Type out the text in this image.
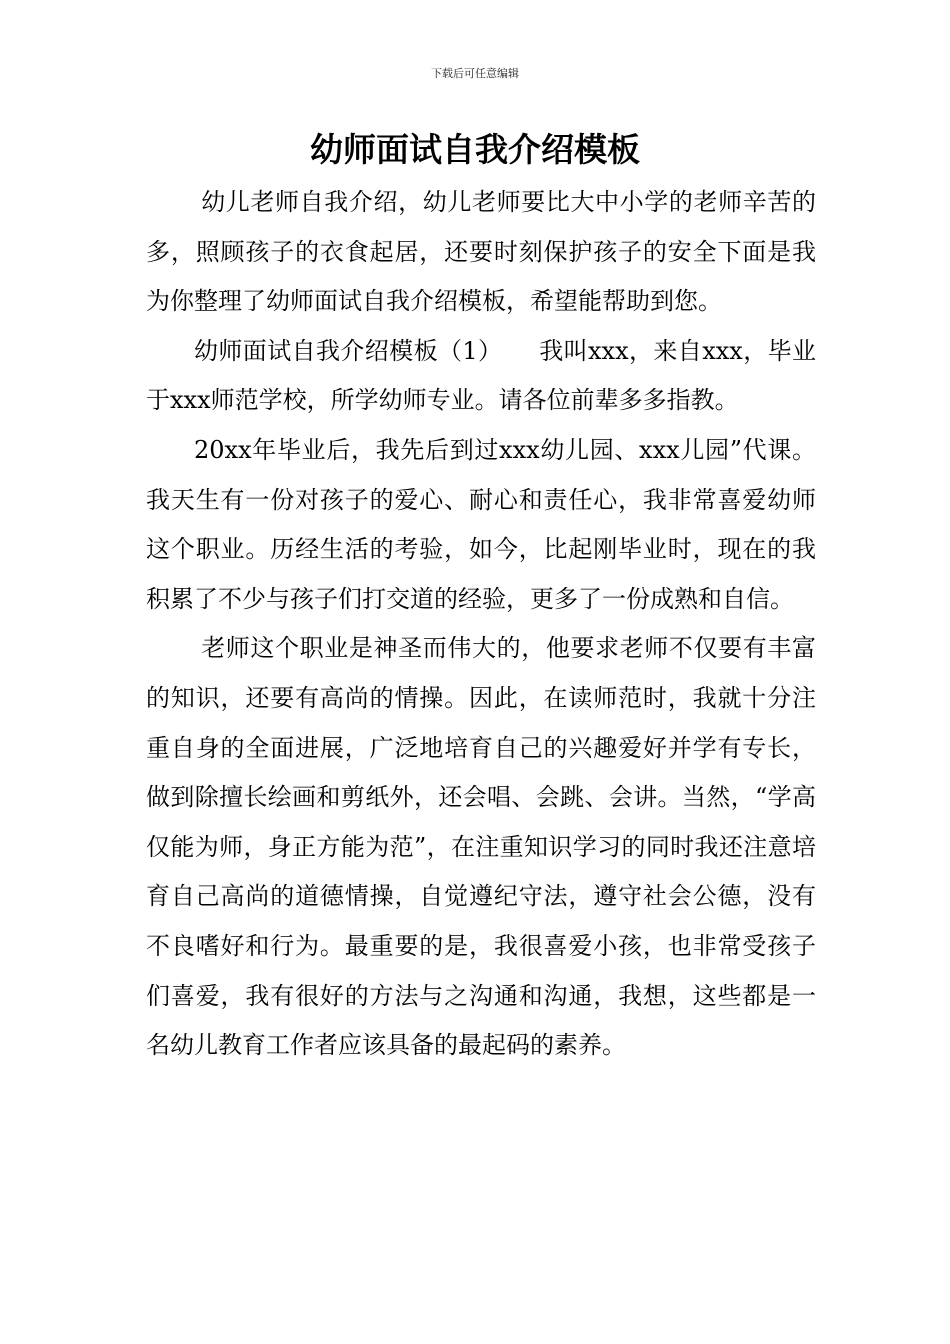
下载后可任意编辑
幼师面试自我介绍模板

幼儿老师自我介绍，幼儿老师要比大中小学的老师辛苦的多，照顾孩子的衣食起居，还要时刻保护孩子的安全下面是我为你整理了幼师面试自我介绍模板，希望能帮助到您。

幼师面试自我介绍模板（1）　　我叫xxx，来自xxx，毕业于xxx师范学校，所学幼师专业。请各位前辈多多指教。

20xx年毕业后，我先后到过xxx幼儿园、xxx儿园”代课。我天生有一份对孩子的爱心、耐心和责任心，我非常喜爱幼师这个职业。历经生活的考验，如今，比起刚毕业时，现在的我积累了不少与孩子们打交道的经验，更多了一份成熟和自信。

老师这个职业是神圣而伟大的，他要求老师不仅要有丰富的知识，还要有高尚的情操。因此，在读师范时，我就十分注重自身的全面进展，广泛地培育自己的兴趣爱好并学有专长，做到除擅长绘画和剪纸外，还会唱、会跳、会讲。当然，“学高仅能为师，身正方能为范”，在注重知识学习的同时我还注意培育自己高尚的道德情操，自觉遵纪守法，遵守社会公德，没有不良嗜好和行为。最重要的是，我很喜爱小孩，也非常受孩子们喜爱，我有很好的方法与之沟通和沟通，我想，这些都是一名幼儿教育工作者应该具备的最起码的素养。
